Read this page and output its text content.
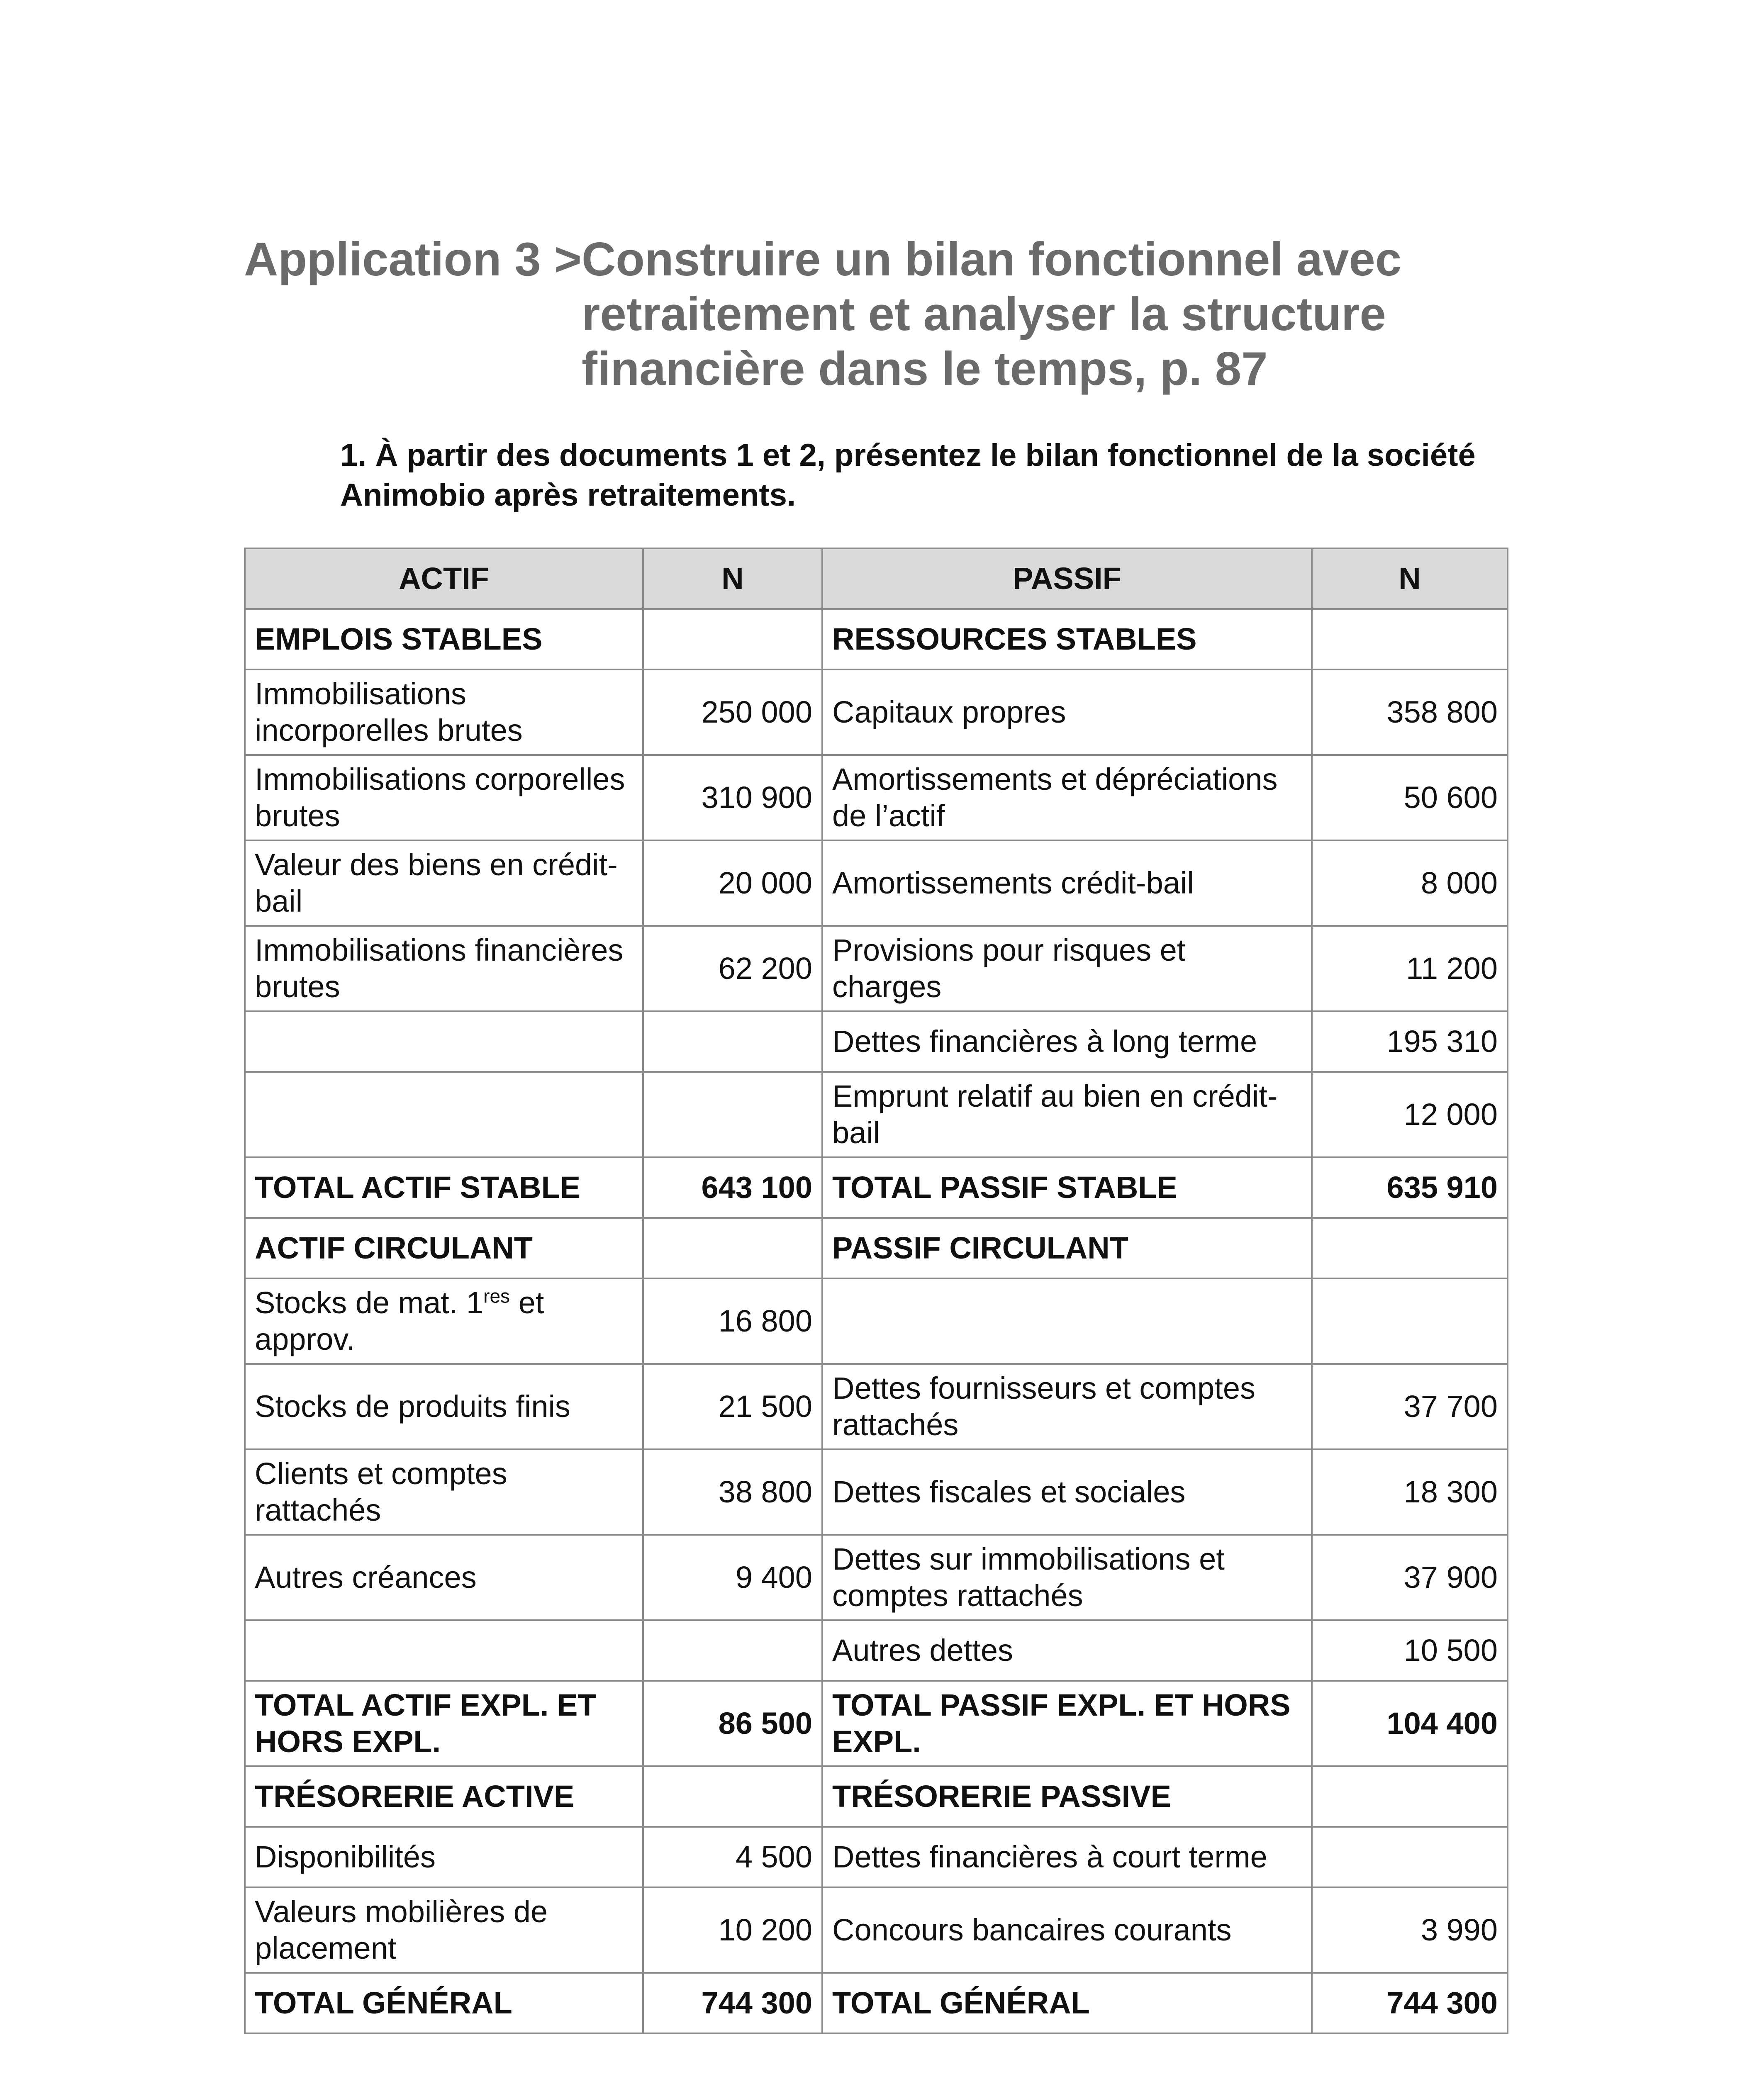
Application 3 > Construire un bilan fonctionnel avec
retraitement et analyser la structure
financière dans le temps, p. 87
1. À partir des documents 1 et 2, présentez le bilan fonctionnel de la société Animobio après retraitements.
ACTIF	N	PASSIF	N
EMPLOIS STABLES		RESSOURCES STABLES	
Immobilisations incorporelles brutes	250 000	Capitaux propres	358 800
Immobilisations corporelles brutes	310 900	Amortissements et dépréciations de l’actif	50 600
Valeur des biens en crédit-bail	20 000	Amortissements crédit-bail	8 000
Immobilisations financières brutes	62 200	Provisions pour risques et charges	11 200
		Dettes financières à long terme	195 310
		Emprunt relatif au bien en crédit-bail	12 000
TOTAL ACTIF STABLE	643 100	TOTAL PASSIF STABLE	635 910
ACTIF CIRCULANT		PASSIF CIRCULANT	
Stocks de mat. 1res et approv.	16 800		
Stocks de produits finis	21 500	Dettes fournisseurs et comptes rattachés	37 700
Clients et comptes rattachés	38 800	Dettes fiscales et sociales	18 300
Autres créances	9 400	Dettes sur immobilisations et comptes rattachés	37 900
		Autres dettes	10 500
TOTAL ACTIF EXPL. ET HORS EXPL.	86 500	TOTAL PASSIF EXPL. ET HORS EXPL.	104 400
TRÉSORERIE ACTIVE		TRÉSORERIE PASSIVE	
Disponibilités	4 500	Dettes financières à court terme	
Valeurs mobilières de placement	10 200	Concours bancaires courants	3 990
TOTAL GÉNÉRAL	744 300	TOTAL GÉNÉRAL	744 300
